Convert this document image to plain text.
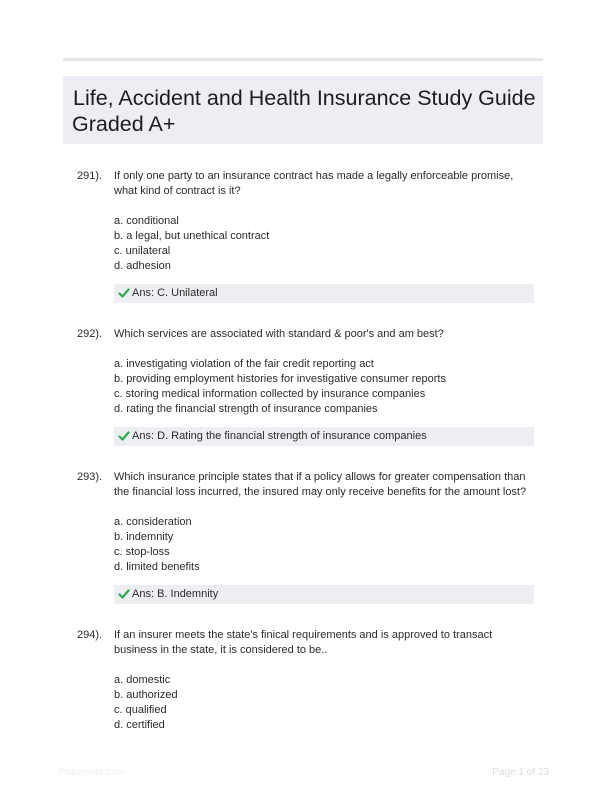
Life, Accident and Health Insurance Study Guide
Graded A+
291). If only one party to an insurance contract has made a legally enforceable promise, what kind of contract is it?
a. conditional
b. a legal, but unethical contract
c. unilateral
d. adhesion
Ans: C. Unilateral
292). Which services are associated with standard & poor's and am best?
a. investigating violation of the fair credit reporting act
b. providing employment histories for investigative consumer reports
c. storing medical information collected by insurance companies
d. rating the financial strength of insurance companies
Ans: D. Rating the financial strength of insurance companies
293). Which insurance principle states that if a policy allows for greater compensation than the financial loss incurred, the insured may only receive benefits for the amount lost?
a. consideration
b. indemnity
c. stop-loss
d. limited benefits
Ans: B. Indemnity
294). If an insurer meets the state's finical requirements and is approved to transact business in the state, it is considered to be..
a. domestic
b. authorized
c. qualified
d. certified
Paperslibt.com	Page 1 of 23
